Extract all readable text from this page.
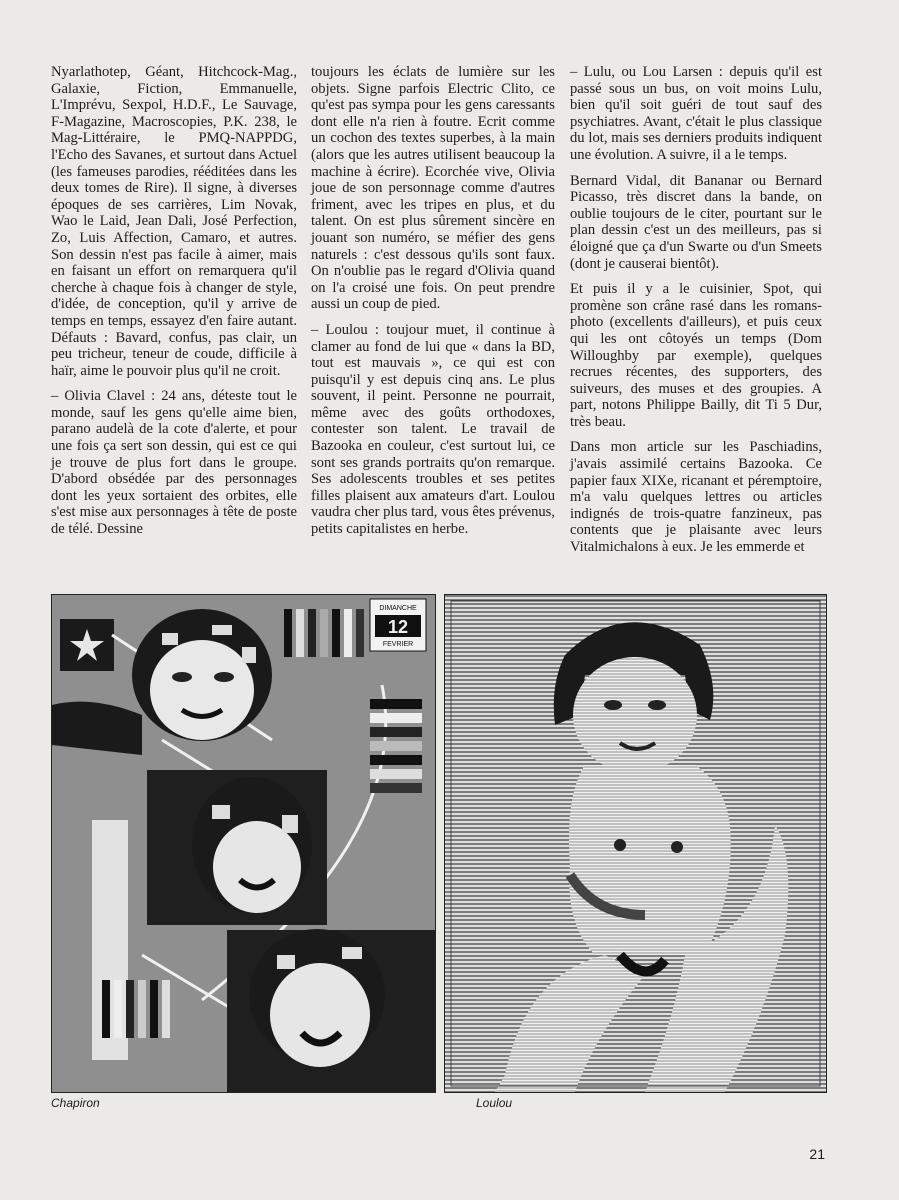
Nyarlathotep, Géant, Hitchcock-Mag., Galaxie, Fiction, Emmanuelle, L'Imprévu, Sexpol, H.D.F., Le Sauvage, F-Magazine, Macroscopies, P.K. 238, le Mag-Littéraire, le PMQ-NAPPDG, l'Echo des Savanes, et surtout dans Actuel (les fameuses parodies, rééditées dans les deux tomes de Rire). Il signe, à diverses époques de ses carrières, Lim Novak, Wao le Laid, Jean Dali, José Perfection, Zo, Luis Affection, Camaro, et autres. Son dessin n'est pas facile à aimer, mais en faisant un effort on remarquera qu'il cherche à chaque fois à changer de style, d'idée, de conception, qu'il y arrive de temps en temps, essayez d'en faire autant. Défauts : Bavard, confus, pas clair, un peu tricheur, teneur de coude, difficile à haïr, aime le pouvoir plus qu'il ne croit.

– Olivia Clavel : 24 ans, déteste tout le monde, sauf les gens qu'elle aime bien, parano audelà de la cote d'alerte, et pour une fois ça sert son dessin, qui est ce qui je trouve de plus fort dans le groupe. D'abord obsédée par des personnages dont les yeux sortaient des orbites, elle s'est mise aux personnages à tête de poste de télé. Dessine

toujours les éclats de lumière sur les objets. Signe parfois Electric Clito, ce qu'est pas sympa pour les gens caressants dont elle n'a rien à foutre. Ecrit comme un cochon des textes superbes, à la main (alors que les autres utilisent beaucoup la machine à écrire). Ecorchée vive, Olivia joue de son personnage comme d'autres friment, avec les tripes en plus, et du talent. On est plus sûrement sincère en jouant son numéro, se méfier des gens naturels : c'est dessous qu'ils sont faux. On n'oublie pas le regard d'Olivia quand on l'a croisé une fois. On peut prendre aussi un coup de pied.

– Loulou : toujour muet, il continue à clamer au fond de lui que « dans la BD, tout est mauvais », ce qui est con puisqu'il y est depuis cinq ans. Le plus souvent, il peint. Personne ne pourrait, même avec des goûts orthodoxes, contester son talent. Le travail de Bazooka en couleur, c'est surtout lui, ce sont ses grands portraits qu'on remarque. Ses adolescents troubles et ses petites filles plaisent aux amateurs d'art. Loulou vaudra cher plus tard, vous êtes prévenus, petits capitalistes en herbe.

– Lulu, ou Lou Larsen : depuis qu'il est passé sous un bus, on voit moins Lulu, bien qu'il soit guéri de tout sauf des psychiatres. Avant, c'était le plus classique du lot, mais ses derniers produits indiquent une évolution. A suivre, il a le temps.

Bernard Vidal, dit Bananar ou Bernard Picasso, très discret dans la bande, on oublie toujours de le citer, pourtant sur le plan dessin c'est un des meilleurs, pas si éloigné que ça d'un Swarte ou d'un Smeets (dont je causerai bientôt).

Et puis il y a le cuisinier, Spot, qui promène son crâne rasé dans les romans-photo (excellents d'ailleurs), et puis ceux qui les ont côtoyés un temps (Dom Willoughby par exemple), quelques recrues récentes, des supporters, des suiveurs, des muses et des groupies. A part, notons Philippe Bailly, dit Ti 5 Dur, très beau.

Dans mon article sur les Paschiadins, j'avais assimilé certains Bazooka. Ce papier faux XIXe, ricanant et péremptoire, m'a valu quelques lettres ou articles indignés de trois-quatre fanzineux, pas contents que je plaisante avec leurs Vitalmichalons à eux. Je les emmerde et

DIMANCHE
12
FEVRIER
Chapiron	Loulou
21
